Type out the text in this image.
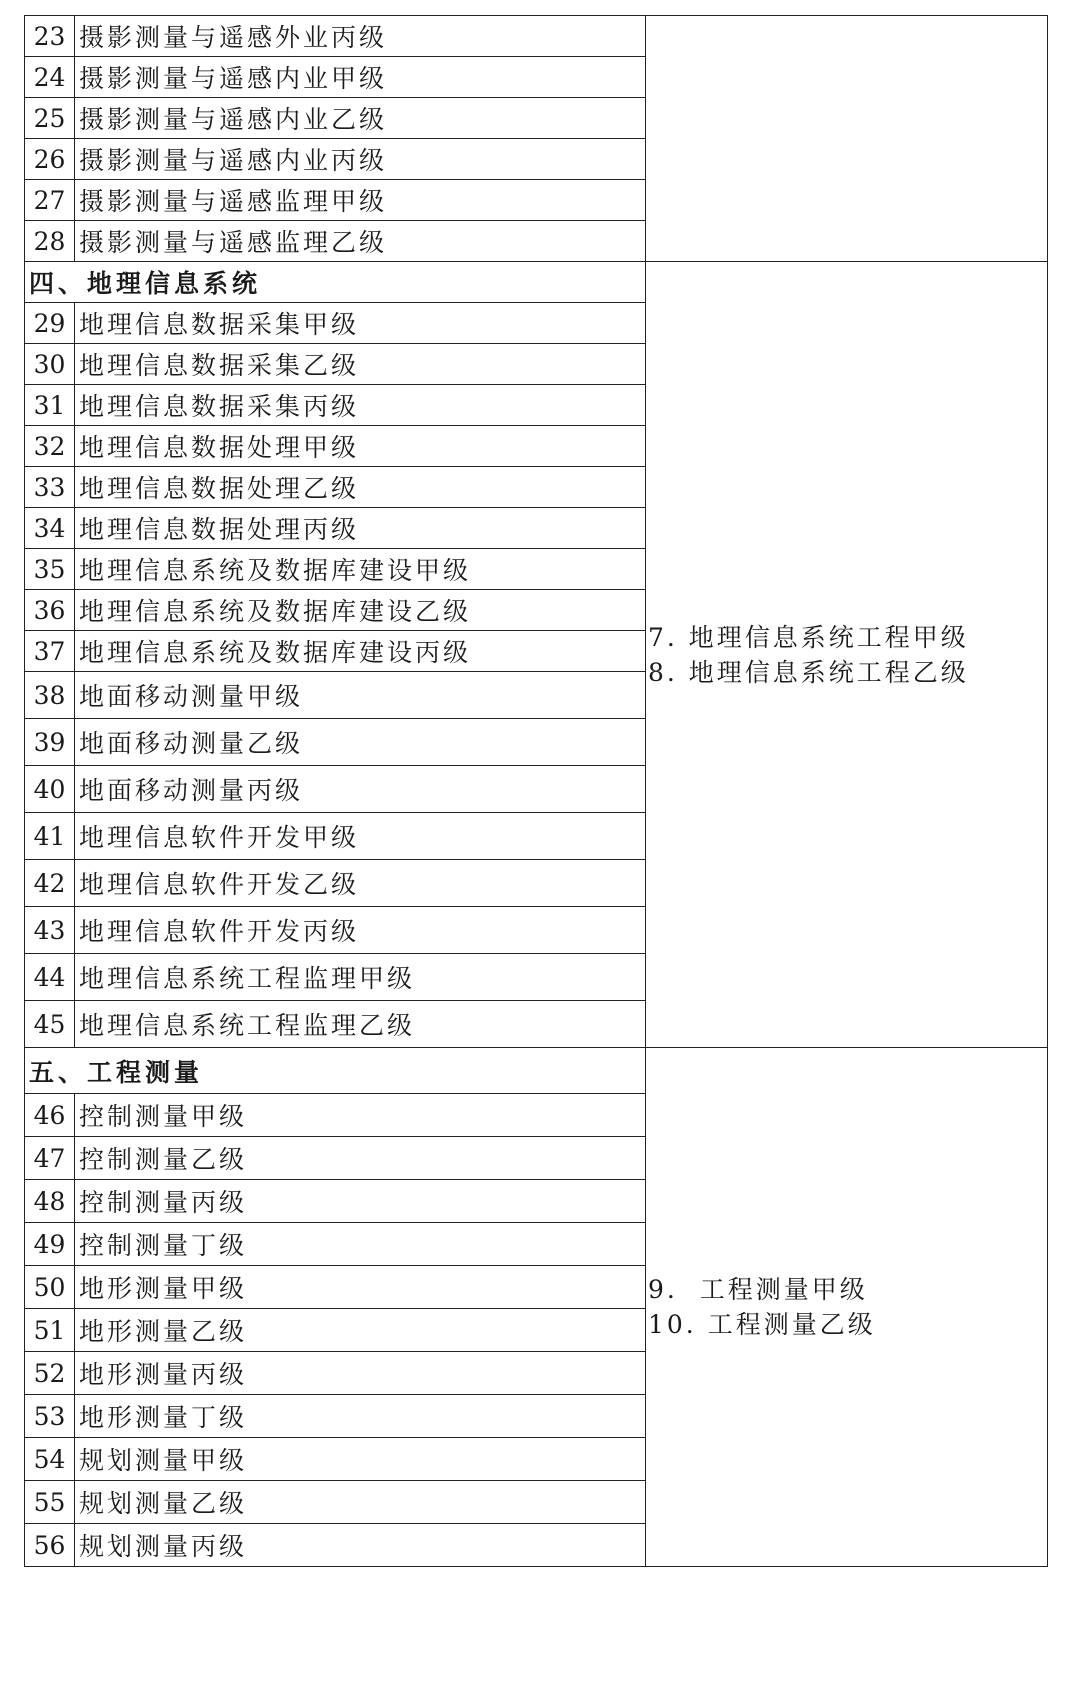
23	摄影测量与遥感外业丙级	
24	摄影测量与遥感内业甲级	
25	摄影测量与遥感内业乙级	
26	摄影测量与遥感内业丙级	
27	摄影测量与遥感监理甲级	
28	摄影测量与遥感监理乙级	
四、地理信息系统		7. 地理信息系统工程甲级
8. 地理信息系统工程乙级

29	地理信息数据采集甲级	
30	地理信息数据采集乙级	
31	地理信息数据采集丙级	
32	地理信息数据处理甲级	
33	地理信息数据处理乙级	
34	地理信息数据处理丙级	
35	地理信息系统及数据库建设甲级	
36	地理信息系统及数据库建设乙级	
37	地理信息系统及数据库建设丙级	
38	地面移动测量甲级	
39	地面移动测量乙级	
40	地面移动测量丙级	
41	地理信息软件开发甲级	
42	地理信息软件开发乙级	
43	地理信息软件开发丙级	
44	地理信息系统工程监理甲级	
45	地理信息系统工程监理乙级	
五、工程测量		9.  工程测量甲级
10. 工程测量乙级

46	控制测量甲级	
47	控制测量乙级	
48	控制测量丙级	
49	控制测量丁级	
50	地形测量甲级	
51	地形测量乙级	
52	地形测量丙级	
53	地形测量丁级	
54	规划测量甲级	
55	规划测量乙级	
56	规划测量丙级	
